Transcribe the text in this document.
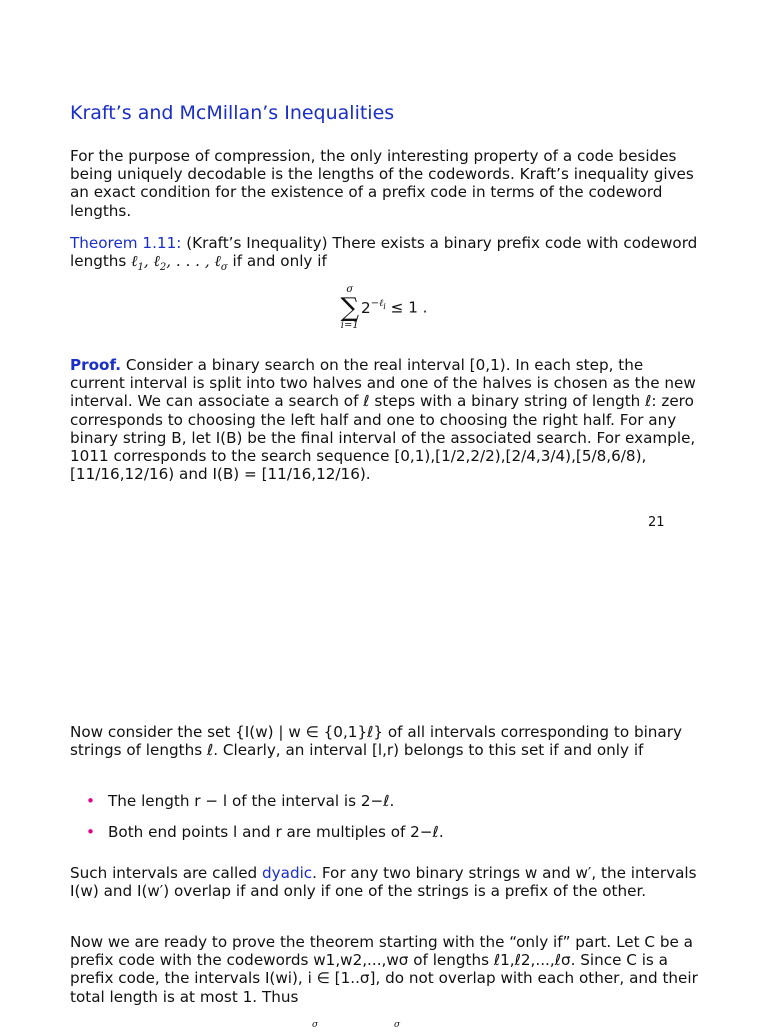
Kraft’s and McMillan’s Inequalities

For the purpose of compression, the only interesting property of a code besides being uniquely decodable is the lengths of the codewords. Kraft’s inequality gives an exact condition for the existence of a prefix code in terms of the codeword lengths.

Theorem 1.11: (Kraft’s Inequality) There exists a binary prefix code with codeword lengths ℓ$_1$, ℓ$_2$, . . . , ℓ$_\sigma$ if and only if

σ
∑
i=1
$2^{-\ell_i} \le 1$ .

Proof. Consider a binary search on the real interval [0,1). In each step, the current interval is split into two halves and one of the halves is chosen as the new interval. We can associate a search of ℓ steps with a binary string of length ℓ: zero corresponds to choosing the left half and one to choosing the right half. For any binary string B, let I(B) be the final interval of the associated search. For example, 1011 corresponds to the search sequence [0,1),[1/2,2/2),[2/4,3/4),[5/8,6/8),[11/16,12/16) and I(B) = [11/16,12/16).

21

Now consider the set {I(w) | w ∈ {0,1}ℓ} of all intervals corresponding to binary strings of lengths ℓ. Clearly, an interval [l,r) belongs to this set if and only if

• The length r − l of the interval is 2−ℓ.
• Both end points l and r are multiples of 2−ℓ.

Such intervals are called dyadic. For any two binary strings w and w′, the intervals I(w) and I(w′) overlap if and only if one of the strings is a prefix of the other.

Now we are ready to prove the theorem starting with the “only if” part. Let C be a prefix code with the codewords w1,w2,...,wσ of lengths ℓ1,ℓ2,...,ℓσ. Since C is a prefix code, the intervals I(wi), i ∈ [1..σ], do not overlap with each other, and their total length is at most 1. Thus

σ	σ
